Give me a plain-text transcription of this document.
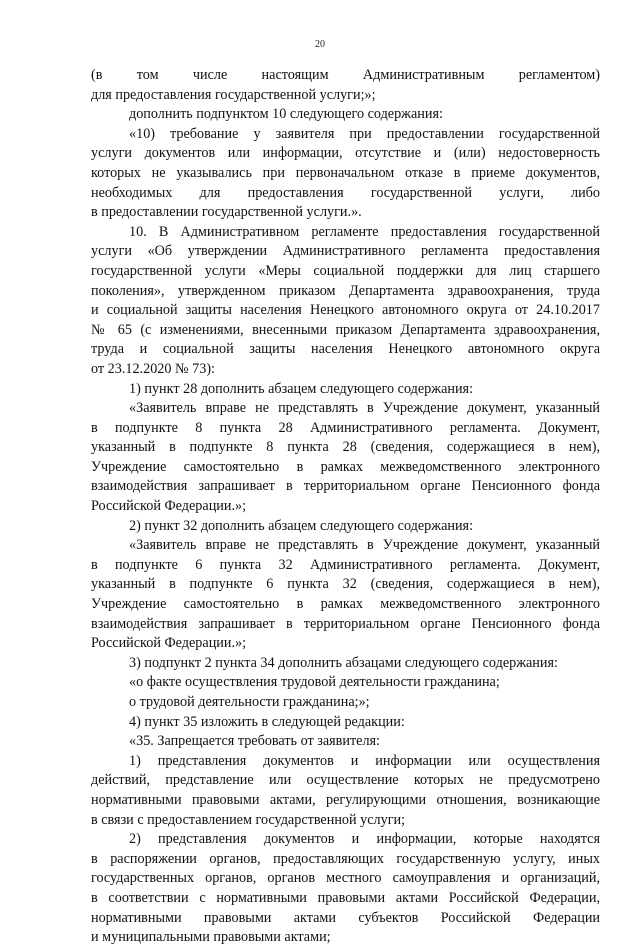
20
(в том числе настоящим Административным регламентом)
для предоставления государственной услуги;»;
дополнить подпунктом 10 следующего содержания:
«10) требование у заявителя при предоставлении государственной
услуги документов или информации, отсутствие и (или) недостоверность
которых не указывались при первоначальном отказе в приеме документов,
необходимых для предоставления государственной услуги, либо
в предоставлении государственной услуги.».
10. В Административном регламенте предоставления государственной
услуги «Об утверждении Административного регламента предоставления
государственной услуги «Меры социальной поддержки для лиц старшего
поколения», утвержденном приказом Департамента здравоохранения, труда
и социальной защиты населения Ненецкого автономного округа от 24.10.2017
№ 65 (с изменениями, внесенными приказом Департамента здравоохранения,
труда и социальной защиты населения Ненецкого автономного округа
от 23.12.2020 № 73):
1) пункт 28 дополнить абзацем следующего содержания:
«Заявитель вправе не представлять в Учреждение документ, указанный
в подпункте 8 пункта 28 Административного регламента. Документ,
указанный в подпункте 8 пункта 28 (сведения, содержащиеся в нем),
Учреждение самостоятельно в рамках межведомственного электронного
взаимодействия запрашивает в территориальном органе Пенсионного фонда
Российской Федерации.»;
2) пункт 32 дополнить абзацем следующего содержания:
«Заявитель вправе не представлять в Учреждение документ, указанный
в подпункте 6 пункта 32 Административного регламента. Документ,
указанный в подпункте 6 пункта 32 (сведения, содержащиеся в нем),
Учреждение самостоятельно в рамках межведомственного электронного
взаимодействия запрашивает в территориальном органе Пенсионного фонда
Российской Федерации.»;
3) подпункт 2 пункта 34 дополнить абзацами следующего содержания:
«о факте осуществления трудовой деятельности гражданина;
о трудовой деятельности гражданина;»;
4) пункт 35 изложить в следующей редакции:
«35. Запрещается требовать от заявителя:
1) представления документов и информации или осуществления
действий, представление или осуществление которых не предусмотрено
нормативными правовыми актами, регулирующими отношения, возникающие
в связи с предоставлением государственной услуги;
2) представления документов и информации, которые находятся
в распоряжении органов, предоставляющих государственную услугу, иных
государственных органов, органов местного самоуправления и организаций,
в соответствии с нормативными правовыми актами Российской Федерации,
нормативными правовыми актами субъектов Российской Федерации
и муниципальными правовыми актами;
